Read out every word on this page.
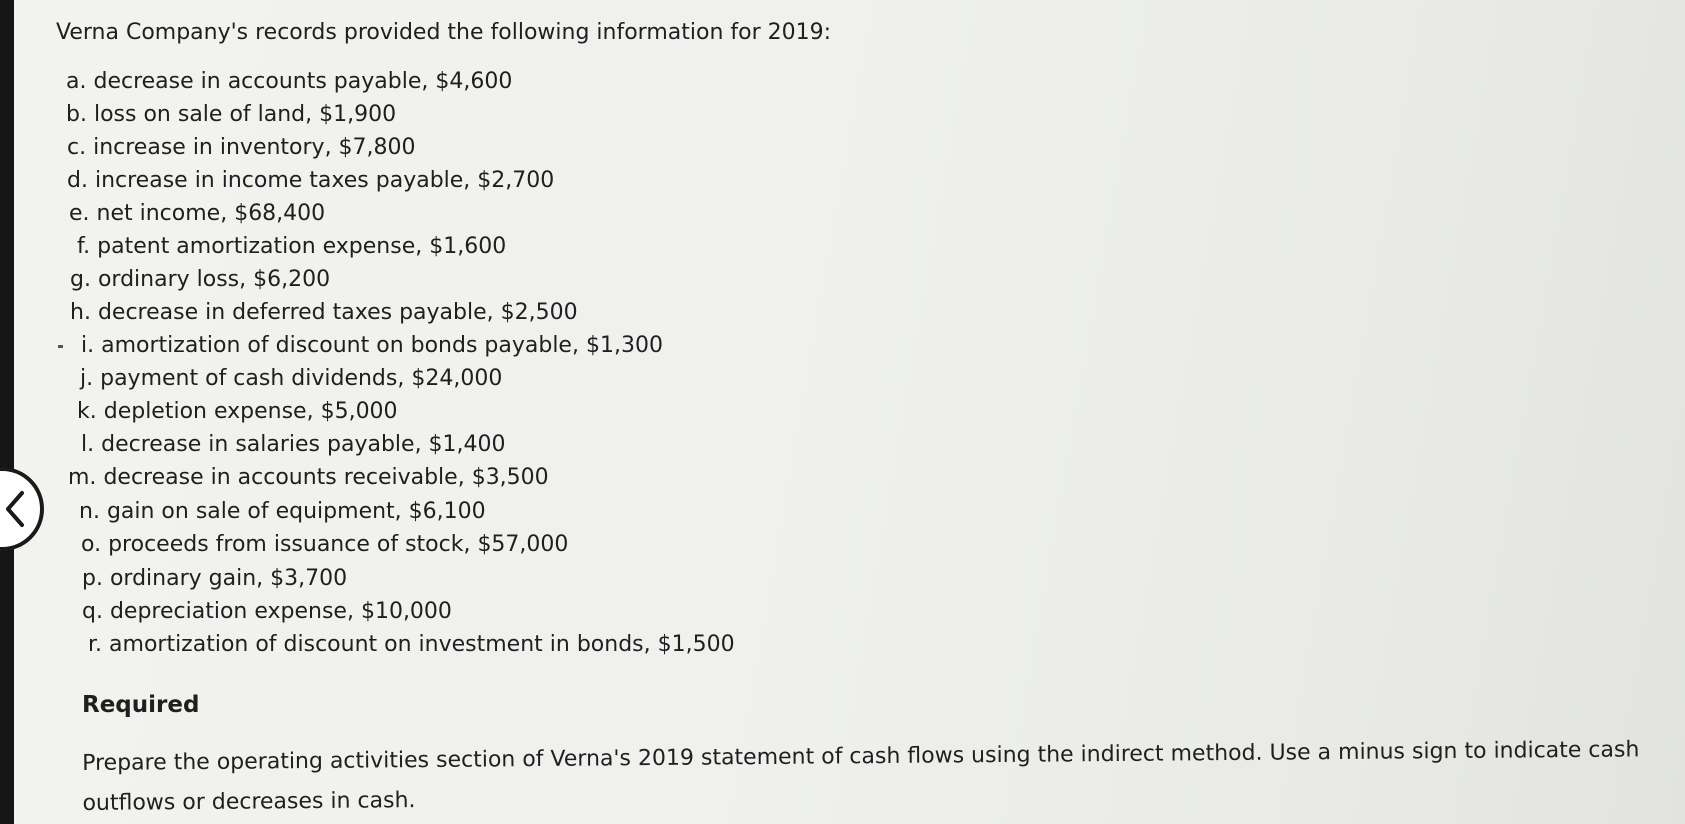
Verna Company's records provided the following information for 2019:
a. decrease in accounts payable, $4,600
b. loss on sale of land, $1,900
c. increase in inventory, $7,800
d. increase in income taxes payable, $2,700
e. net income, $68,400
f. patent amortization expense, $1,600
g. ordinary loss, $6,200
h. decrease in deferred taxes payable, $2,500
i. amortization of discount on bonds payable, $1,300
j. payment of cash dividends, $24,000
k. depletion expense, $5,000
l. decrease in salaries payable, $1,400
m. decrease in accounts receivable, $3,500
n. gain on sale of equipment, $6,100
o. proceeds from issuance of stock, $57,000
p. ordinary gain, $3,700
q. depreciation expense, $10,000
r. amortization of discount on investment in bonds, $1,500
Required
Prepare the operating activities section of Verna's 2019 statement of cash flows using the indirect method. Use a minus sign to indicate cash outflows or decreases in cash.
